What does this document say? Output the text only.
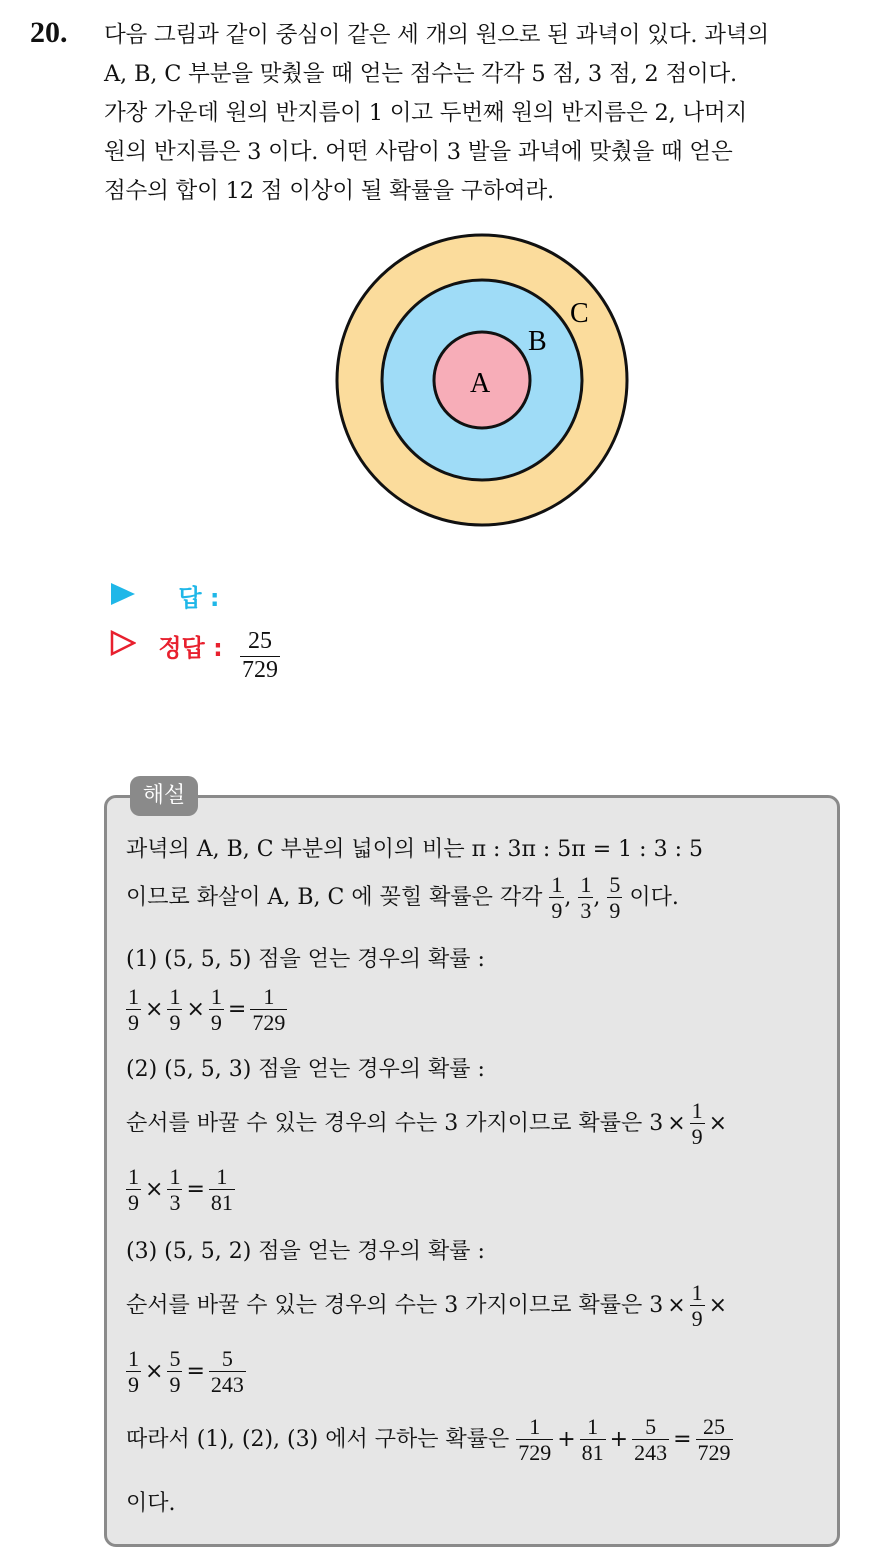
20. 다음 그림과 같이 중심이 같은 세 개의 원으로 된 과녁이 있다. 과녁의
A, B, C 부분을 맞췄을 때 얻는 점수는 각각 5 점, 3 점, 2 점이다.
가장 가운데 원의 반지름이 1 이고 두번째 원의 반지름은 2, 나머지
원의 반지름은 3 이다. 어떤 사람이 3 발을 과녁에 맞췄을 때 얻은
점수의 합이 12 점 이상이 될 확률을 구하여라.
A
B
C
답 :
정답 : $\frac{25}{729}$
해설
과녁의 A, B, C 부분의 넓이의 비는 π : 3π : 5π = 1 : 3 : 5
이므로 화살이 A, B, C 에 꽂힐 확률은 각각 $\frac{1}{9}$ , $\frac{1}{3}$ , $\frac{5}{9}$ 이다.
(1) (5, 5, 5) 점을 얻는 경우의 확률 :
$\frac{1}{9} \times \frac{1}{9} \times \frac{1}{9} = \frac{1}{729}$
(2) (5, 5, 3) 점을 얻는 경우의 확률 :
순서를 바꿀 수 있는 경우의 수는 3 가지이므로 확률은 $3 \times \frac{1}{9}$ ×
$\frac{1}{9} \times \frac{1}{3} = \frac{1}{81}$
(3) (5, 5, 2) 점을 얻는 경우의 확률 :
순서를 바꿀 수 있는 경우의 수는 3 가지이므로 확률은 $3 \times \frac{1}{9}$ ×
$\frac{1}{9} \times \frac{5}{9} = \frac{5}{243}$
따라서 (1), (2), (3) 에서 구하는 확률은 $\frac{1}{729} + \frac{1}{81} + \frac{5}{243} = \frac{25}{729}$
이다.
